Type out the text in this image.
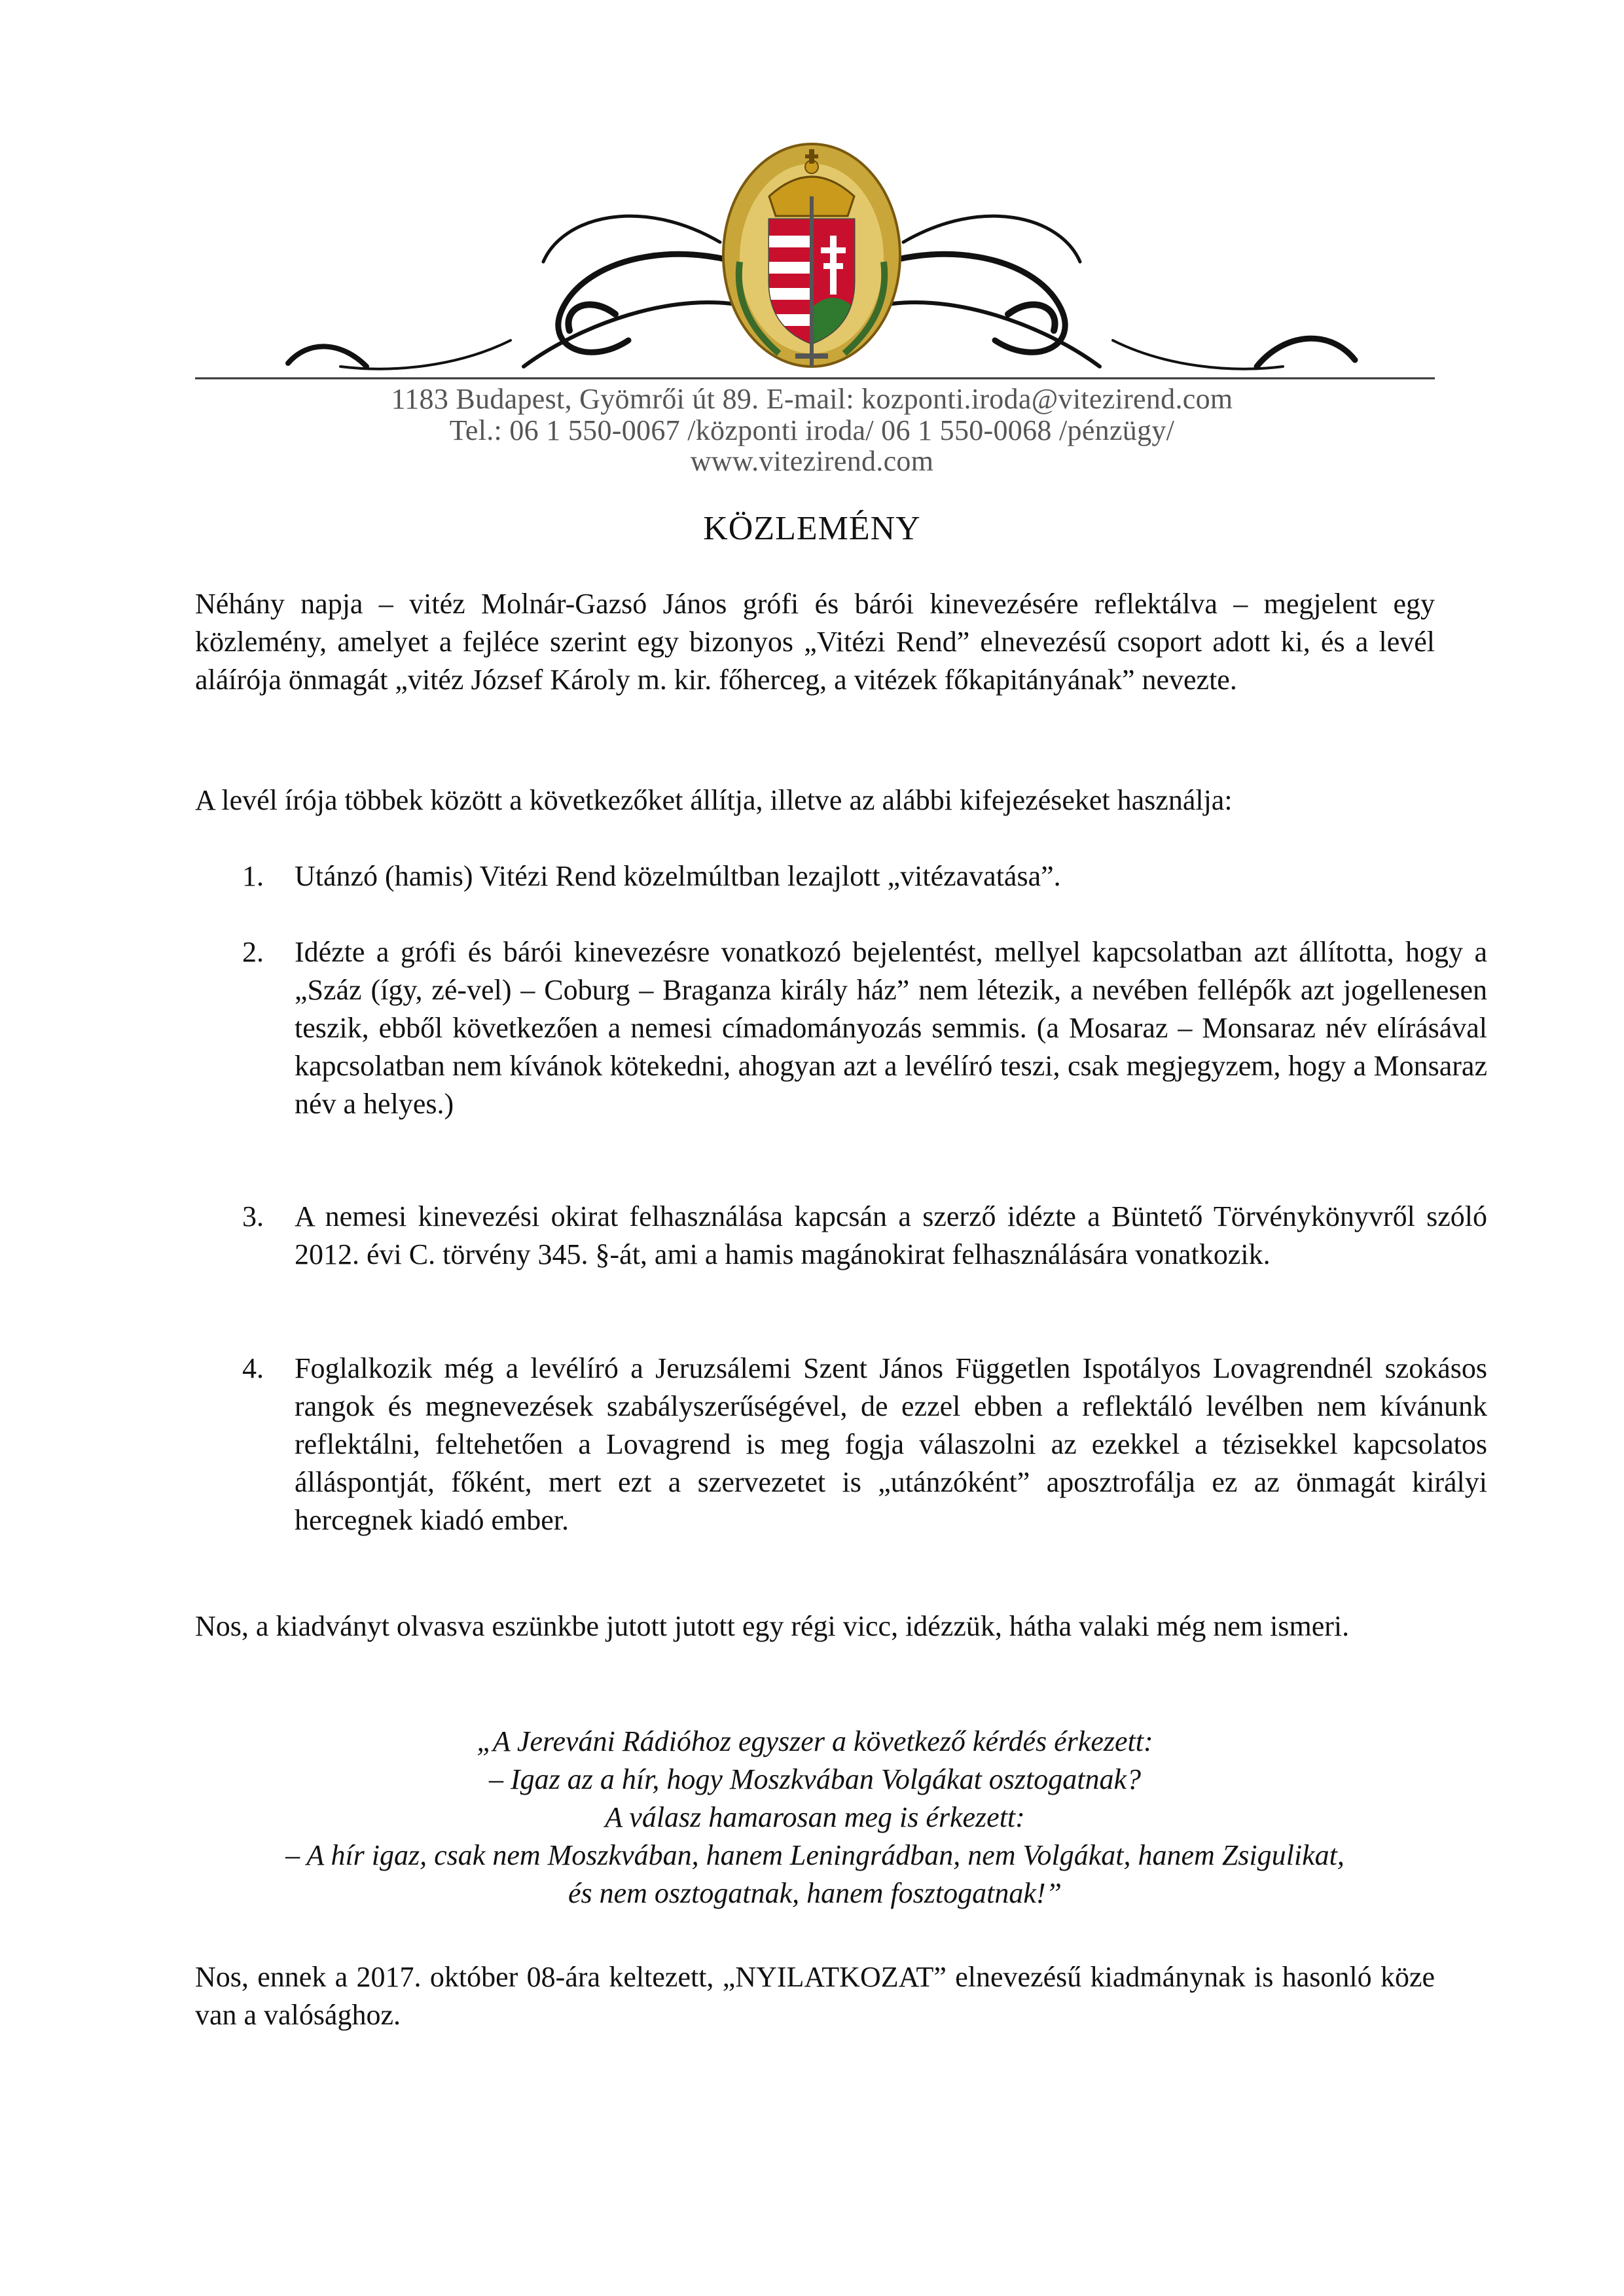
1183 Budapest, Gyömrői út 89. E-mail: kozponti.iroda@vitezirend.com
Tel.: 06 1 550-0067 /központi iroda/ 06 1 550-0068 /pénzügy/
www.vitezirend.com
KÖZLEMÉNY
Néhány napja – vitéz Molnár-Gazsó János grófi és bárói kinevezésére reflektálva – megjelent egy közlemény, amelyet a fejléce szerint egy bizonyos „Vitézi Rend” elnevezésű csoport adott ki, és a levél aláírója önmagát „vitéz József Károly m. kir. főherceg, a vitézek főkapitányának” nevezte.
A levél írója többek között a következőket állítja, illetve az alábbi kifejezéseket használja:
1.	Utánzó (hamis) Vitézi Rend közelmúltban lezajlott „vitézavatása”.
2.	Idézte a grófi és bárói kinevezésre vonatkozó bejelentést, mellyel kapcsolatban azt állította, hogy a „Száz (így, zé-vel) – Coburg – Braganza király ház” nem létezik, a nevében fellépők azt jogellenesen teszik, ebből következően a nemesi címadományozás semmis. (a Mosaraz – Monsaraz név elírásával kapcsolatban nem kívánok kötekedni, ahogyan azt a levélíró teszi, csak megjegyzem, hogy a Monsaraz név a helyes.)
3.	A nemesi kinevezési okirat felhasználása kapcsán a szerző idézte a Büntető Törvénykönyvről szóló 2012. évi C. törvény 345. §-át, ami a hamis magánokirat felhasználására vonatkozik.
4.	Foglalkozik még a levélíró a Jeruzsálemi Szent János Független Ispotályos Lovagrendnél szokásos rangok és megnevezések szabályszerűségével, de ezzel ebben a reflektáló levélben nem kívánunk reflektálni, feltehetően a Lovagrend is meg fogja válaszolni az ezekkel a tézisekkel kapcsolatos álláspontját, főként, mert ezt a szervezetet is „utánzóként” aposztrofálja ez az önmagát királyi hercegnek kiadó ember.
Nos, a kiadványt olvasva eszünkbe jutott jutott egy régi vicc, idézzük, hátha valaki még nem ismeri.
„A Jereváni Rádióhoz egyszer a következő kérdés érkezett:
– Igaz az a hír, hogy Moszkvában Volgákat osztogatnak?
A válasz hamarosan meg is érkezett:
– A hír igaz, csak nem Moszkvában, hanem Leningrádban, nem Volgákat, hanem Zsigulikat,
és nem osztogatnak, hanem fosztogatnak!”
Nos, ennek a 2017. október 08-ára keltezett, „NYILATKOZAT” elnevezésű kiadmánynak is hasonló köze van a valósághoz.
